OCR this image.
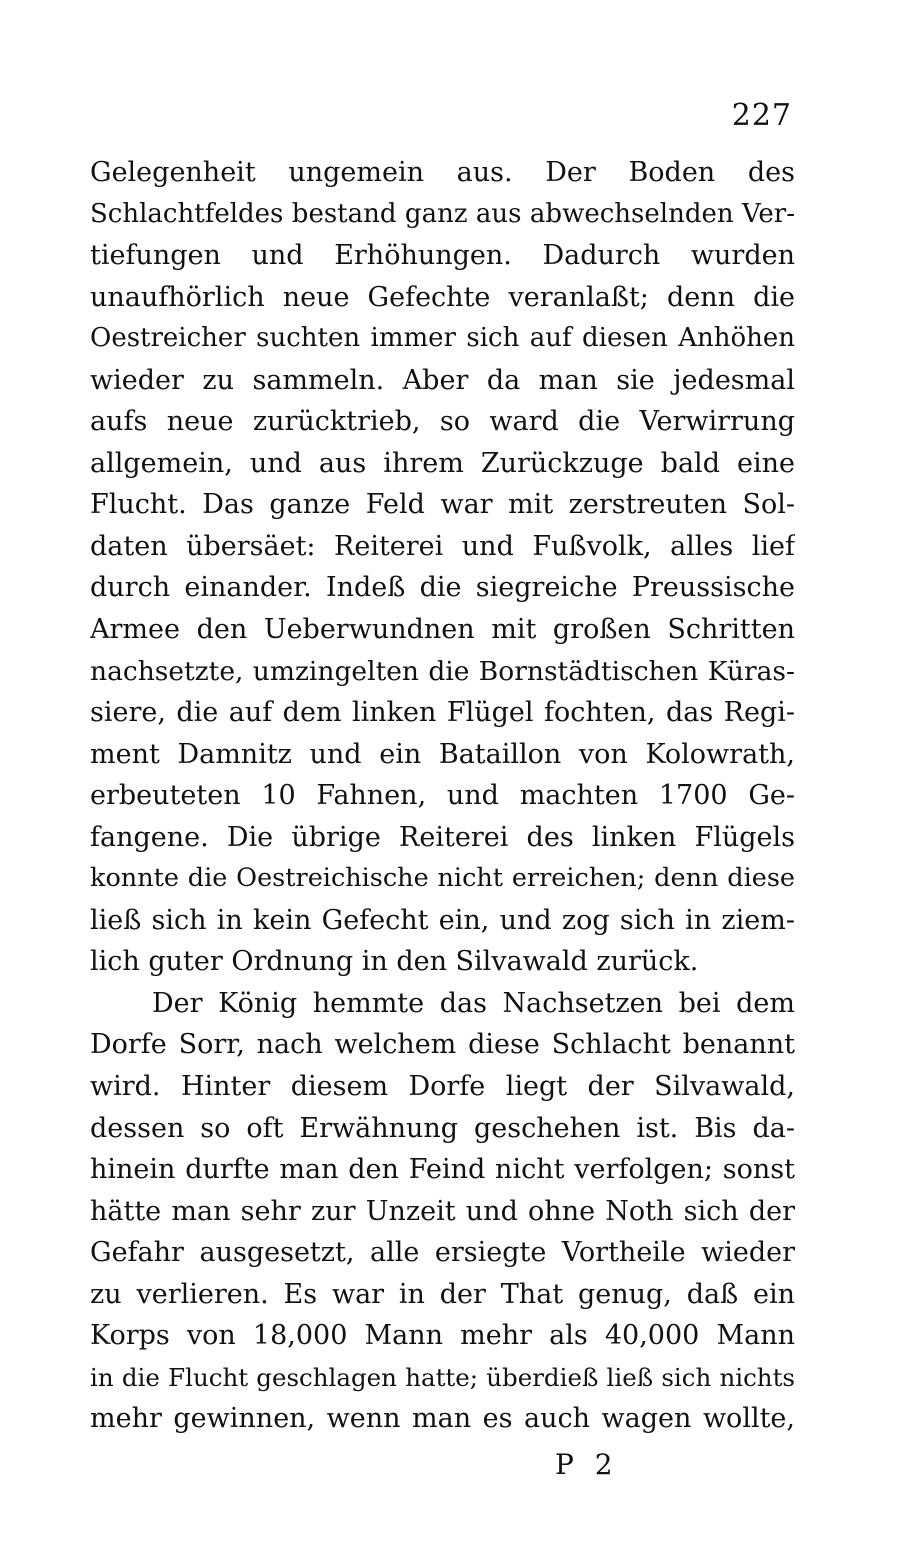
227
Gelegenheit ungemein aus. Der Boden des
Schlachtfeldes bestand ganz aus abwechselnden Ver-
tiefungen und Erhöhungen. Dadurch wurden
unaufhörlich neue Gefechte veranlaßt; denn die
Oestreicher suchten immer sich auf diesen Anhöhen
wieder zu sammeln. Aber da man sie jedesmal
aufs neue zurücktrieb, so ward die Verwirrung
allgemein, und aus ihrem Zurückzuge bald eine
Flucht. Das ganze Feld war mit zerstreuten Sol-
daten übersäet: Reiterei und Fußvolk, alles lief
durch einander. Indeß die siegreiche Preussische
Armee den Ueberwundnen mit großen Schritten
nachsetzte, umzingelten die Bornstädtischen Küras-
siere, die auf dem linken Flügel fochten, das Regi-
ment Damnitz und ein Bataillon von Kolowrath,
erbeuteten 10 Fahnen, und machten 1700 Ge-
fangene. Die übrige Reiterei des linken Flügels
konnte die Oestreichische nicht erreichen; denn diese
ließ sich in kein Gefecht ein, und zog sich in ziem-
lich guter Ordnung in den Silvawald zurück.
Der König hemmte das Nachsetzen bei dem
Dorfe Sorr, nach welchem diese Schlacht benannt
wird. Hinter diesem Dorfe liegt der Silvawald,
dessen so oft Erwähnung geschehen ist. Bis da-
hinein durfte man den Feind nicht verfolgen; sonst
hätte man sehr zur Unzeit und ohne Noth sich der
Gefahr ausgesetzt, alle ersiegte Vortheile wieder
zu verlieren. Es war in der That genug, daß ein
Korps von 18,000 Mann mehr als 40,000 Mann
in die Flucht geschlagen hatte; überdieß ließ sich nichts
mehr gewinnen, wenn man es auch wagen wollte,
P 2
